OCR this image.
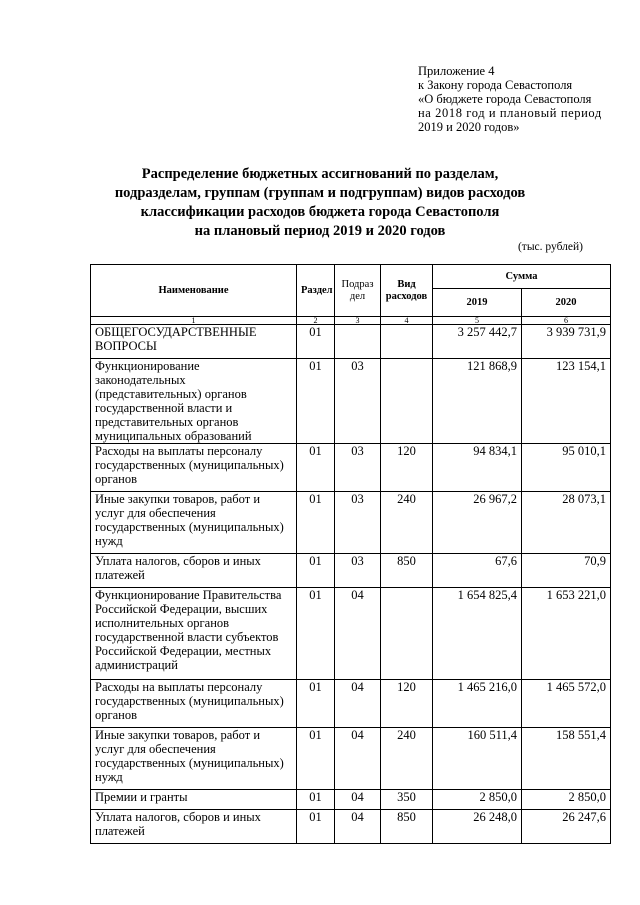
Приложение 4
к Закону города Севастополя
«О бюджете города Севастополя
на 2018 год и плановый период
2019 и 2020 годов»
Распределение бюджетных ассигнований по разделам,
подразделам, группам (группам и подгруппам) видов расходов
классификации расходов бюджета города Севастополя
на плановый период 2019 и 2020 годов
(тыс. рублей)
Наименование	Раздел	Подраз дел	Вид расходов	Сумма	
				2019	2020
1	2	3	4	5	6
ОБЩЕГОСУДАРСТВЕННЫЕ ВОПРОСЫ	01			3 257 442,7	3 939 731,9
Функционирование законодательных (представительных) органов государственной власти и представительных органов муниципальных образований	01	03		121 868,9	123 154,1
Расходы на выплаты персоналу государственных (муниципальных) органов	01	03	120	94 834,1	95 010,1
Иные закупки товаров, работ и услуг для обеспечения государственных (муниципальных) нужд	01	03	240	26 967,2	28 073,1
Уплата налогов, сборов и иных платежей	01	03	850	67,6	70,9
Функционирование Правительства Российской Федерации, высших исполнительных органов государственной власти субъектов Российской Федерации, местных администраций	01	04		1 654 825,4	1 653 221,0
Расходы на выплаты персоналу государственных (муниципальных) органов	01	04	120	1 465 216,0	1 465 572,0
Иные закупки товаров, работ и услуг для обеспечения государственных (муниципальных) нужд	01	04	240	160 511,4	158 551,4
Премии и гранты	01	04	350	2 850,0	2 850,0
Уплата налогов, сборов и иных платежей	01	04	850	26 248,0	26 247,6
